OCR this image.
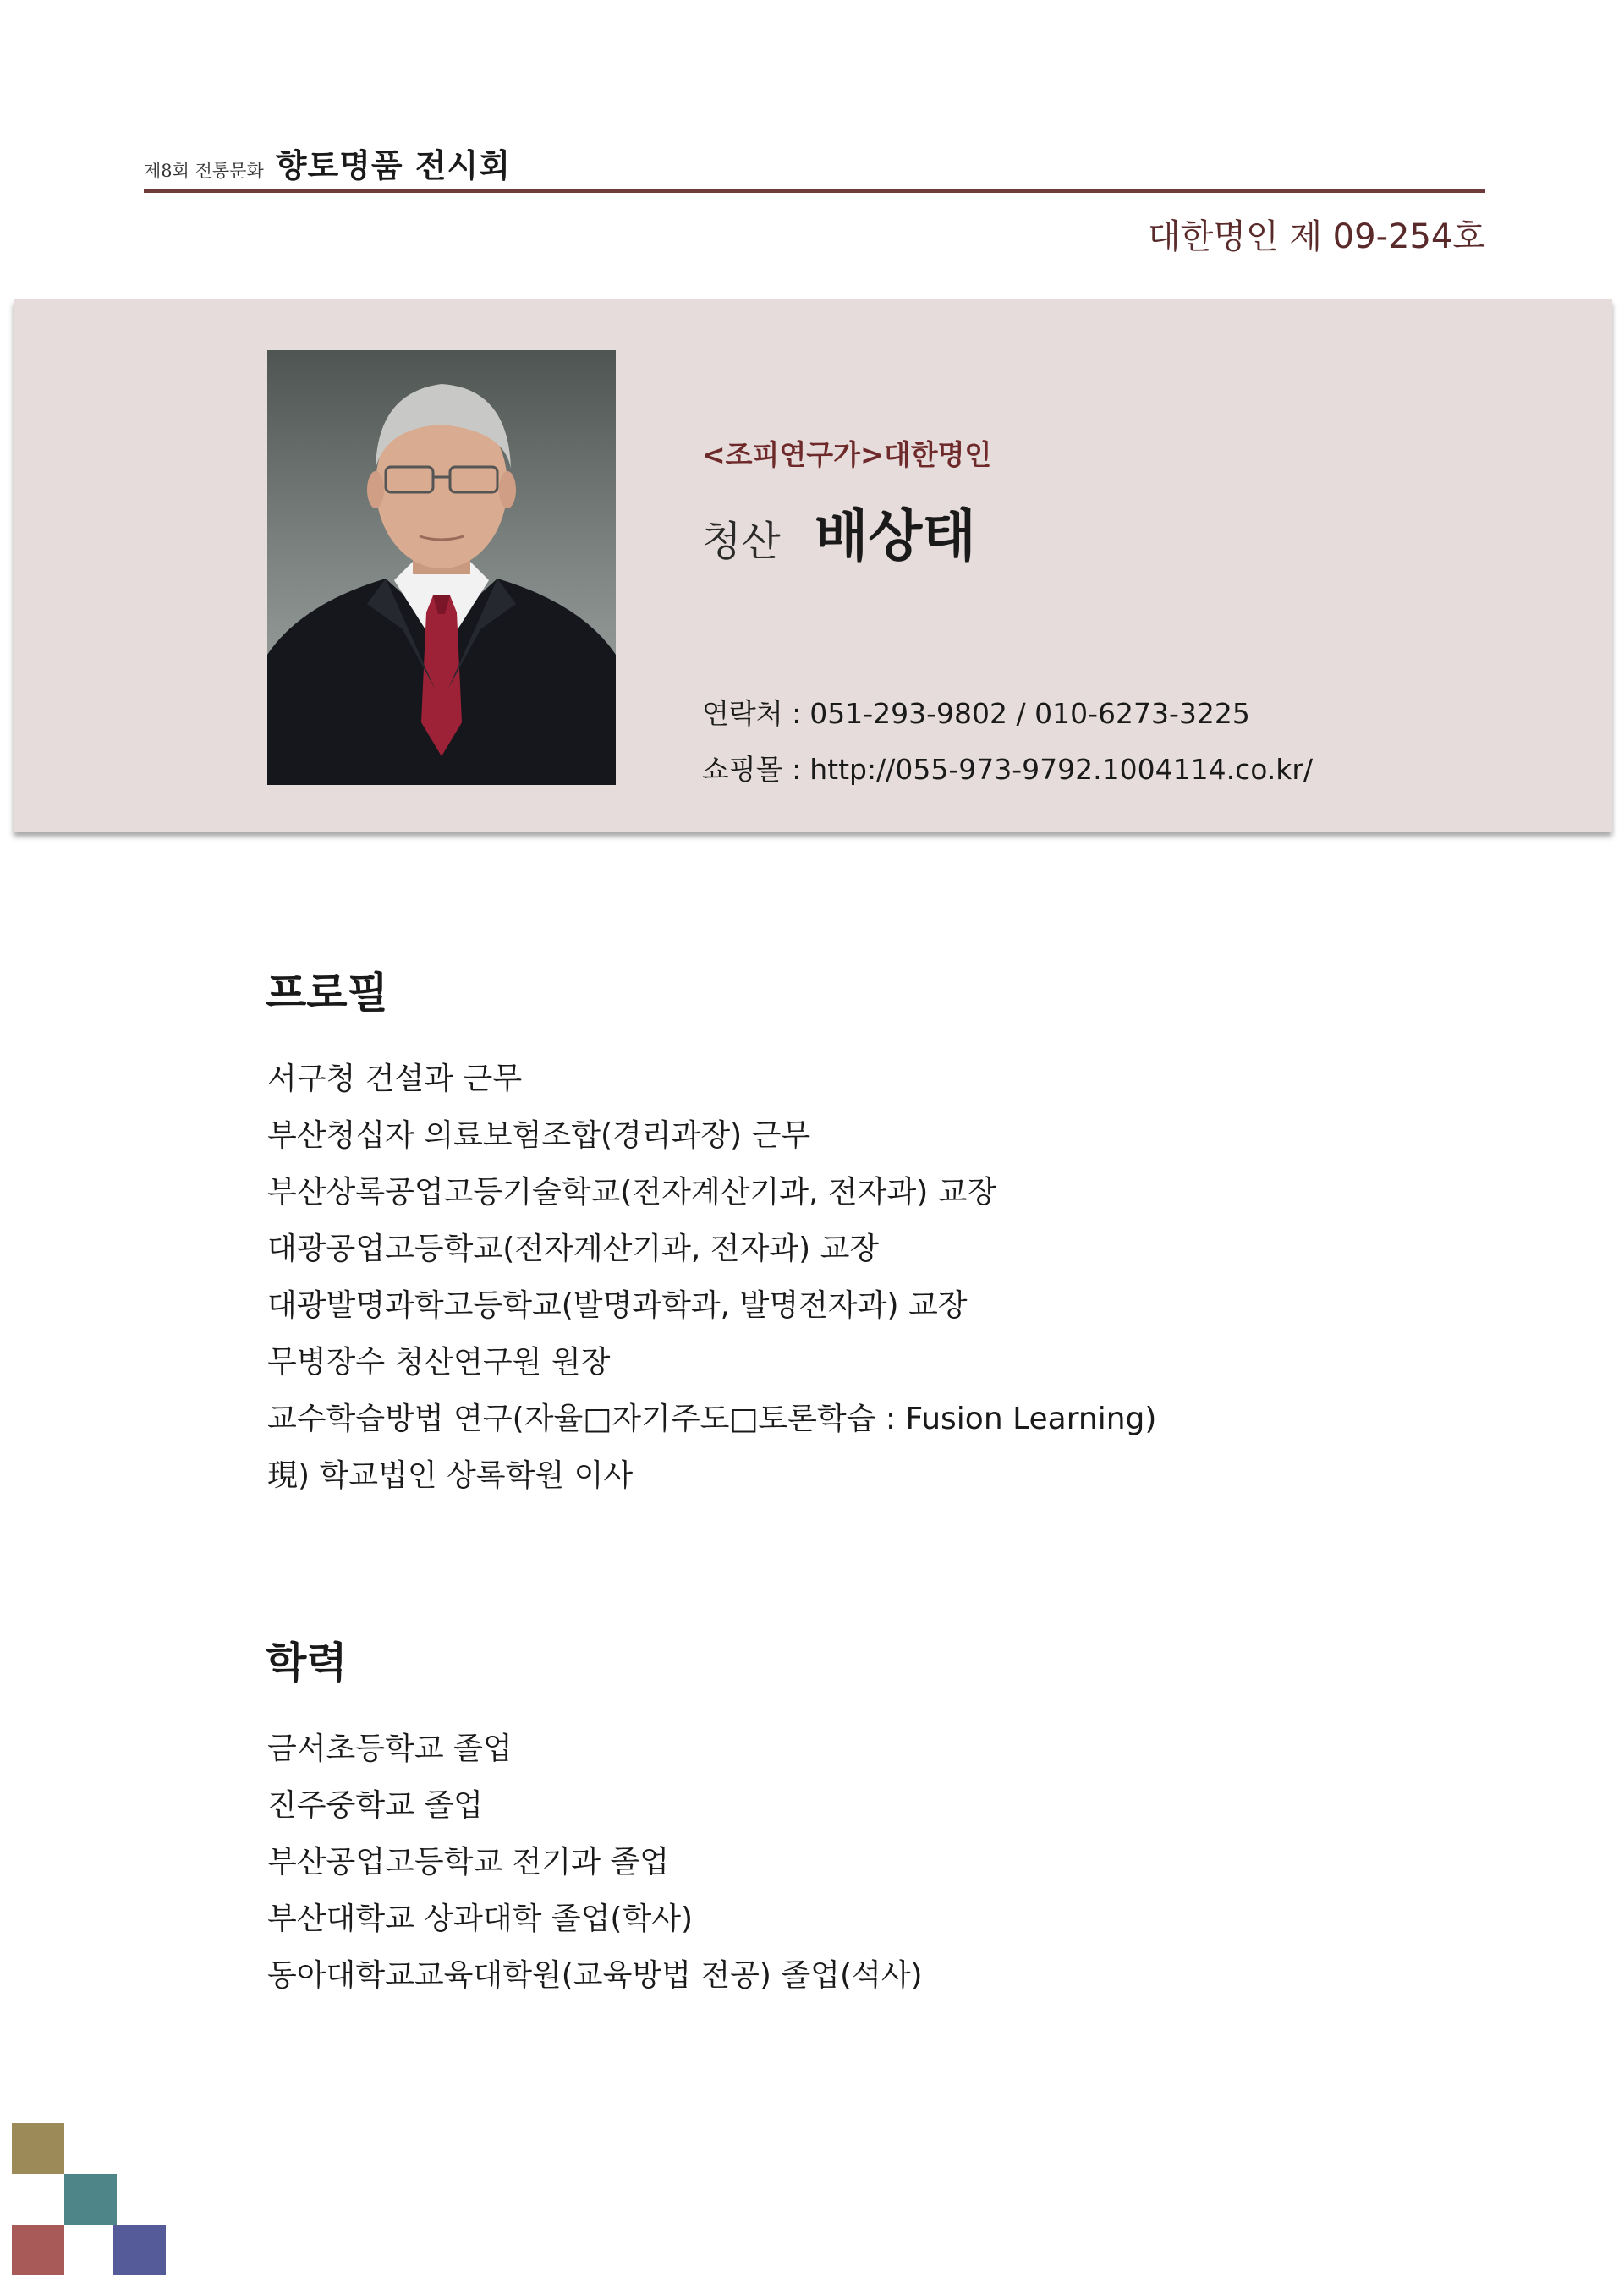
제8회 전통문화 향토명품 전시회
대한명인 제 09-254호
<조피연구가>대한명인
청산 배상태
연락처 : 051-293-9802 / 010-6273-3225
쇼핑몰 : http://055-973-9792.1004114.co.kr/
프로필
서구청 건설과 근무
부산청십자 의료보험조합(경리과장) 근무
부산상록공업고등기술학교(전자계산기과, 전자과) 교장
대광공업고등학교(전자계산기과, 전자과) 교장
대광발명과학고등학교(발명과학과, 발명전자과) 교장
무병장수 청산연구원 원장
교수학습방법 연구(자율□자기주도□토론학습 : Fusion Learning)
現) 학교법인 상록학원 이사
학력
금서초등학교 졸업
진주중학교 졸업
부산공업고등학교 전기과 졸업
부산대학교 상과대학 졸업(학사)
동아대학교교육대학원(교육방법 전공) 졸업(석사)
